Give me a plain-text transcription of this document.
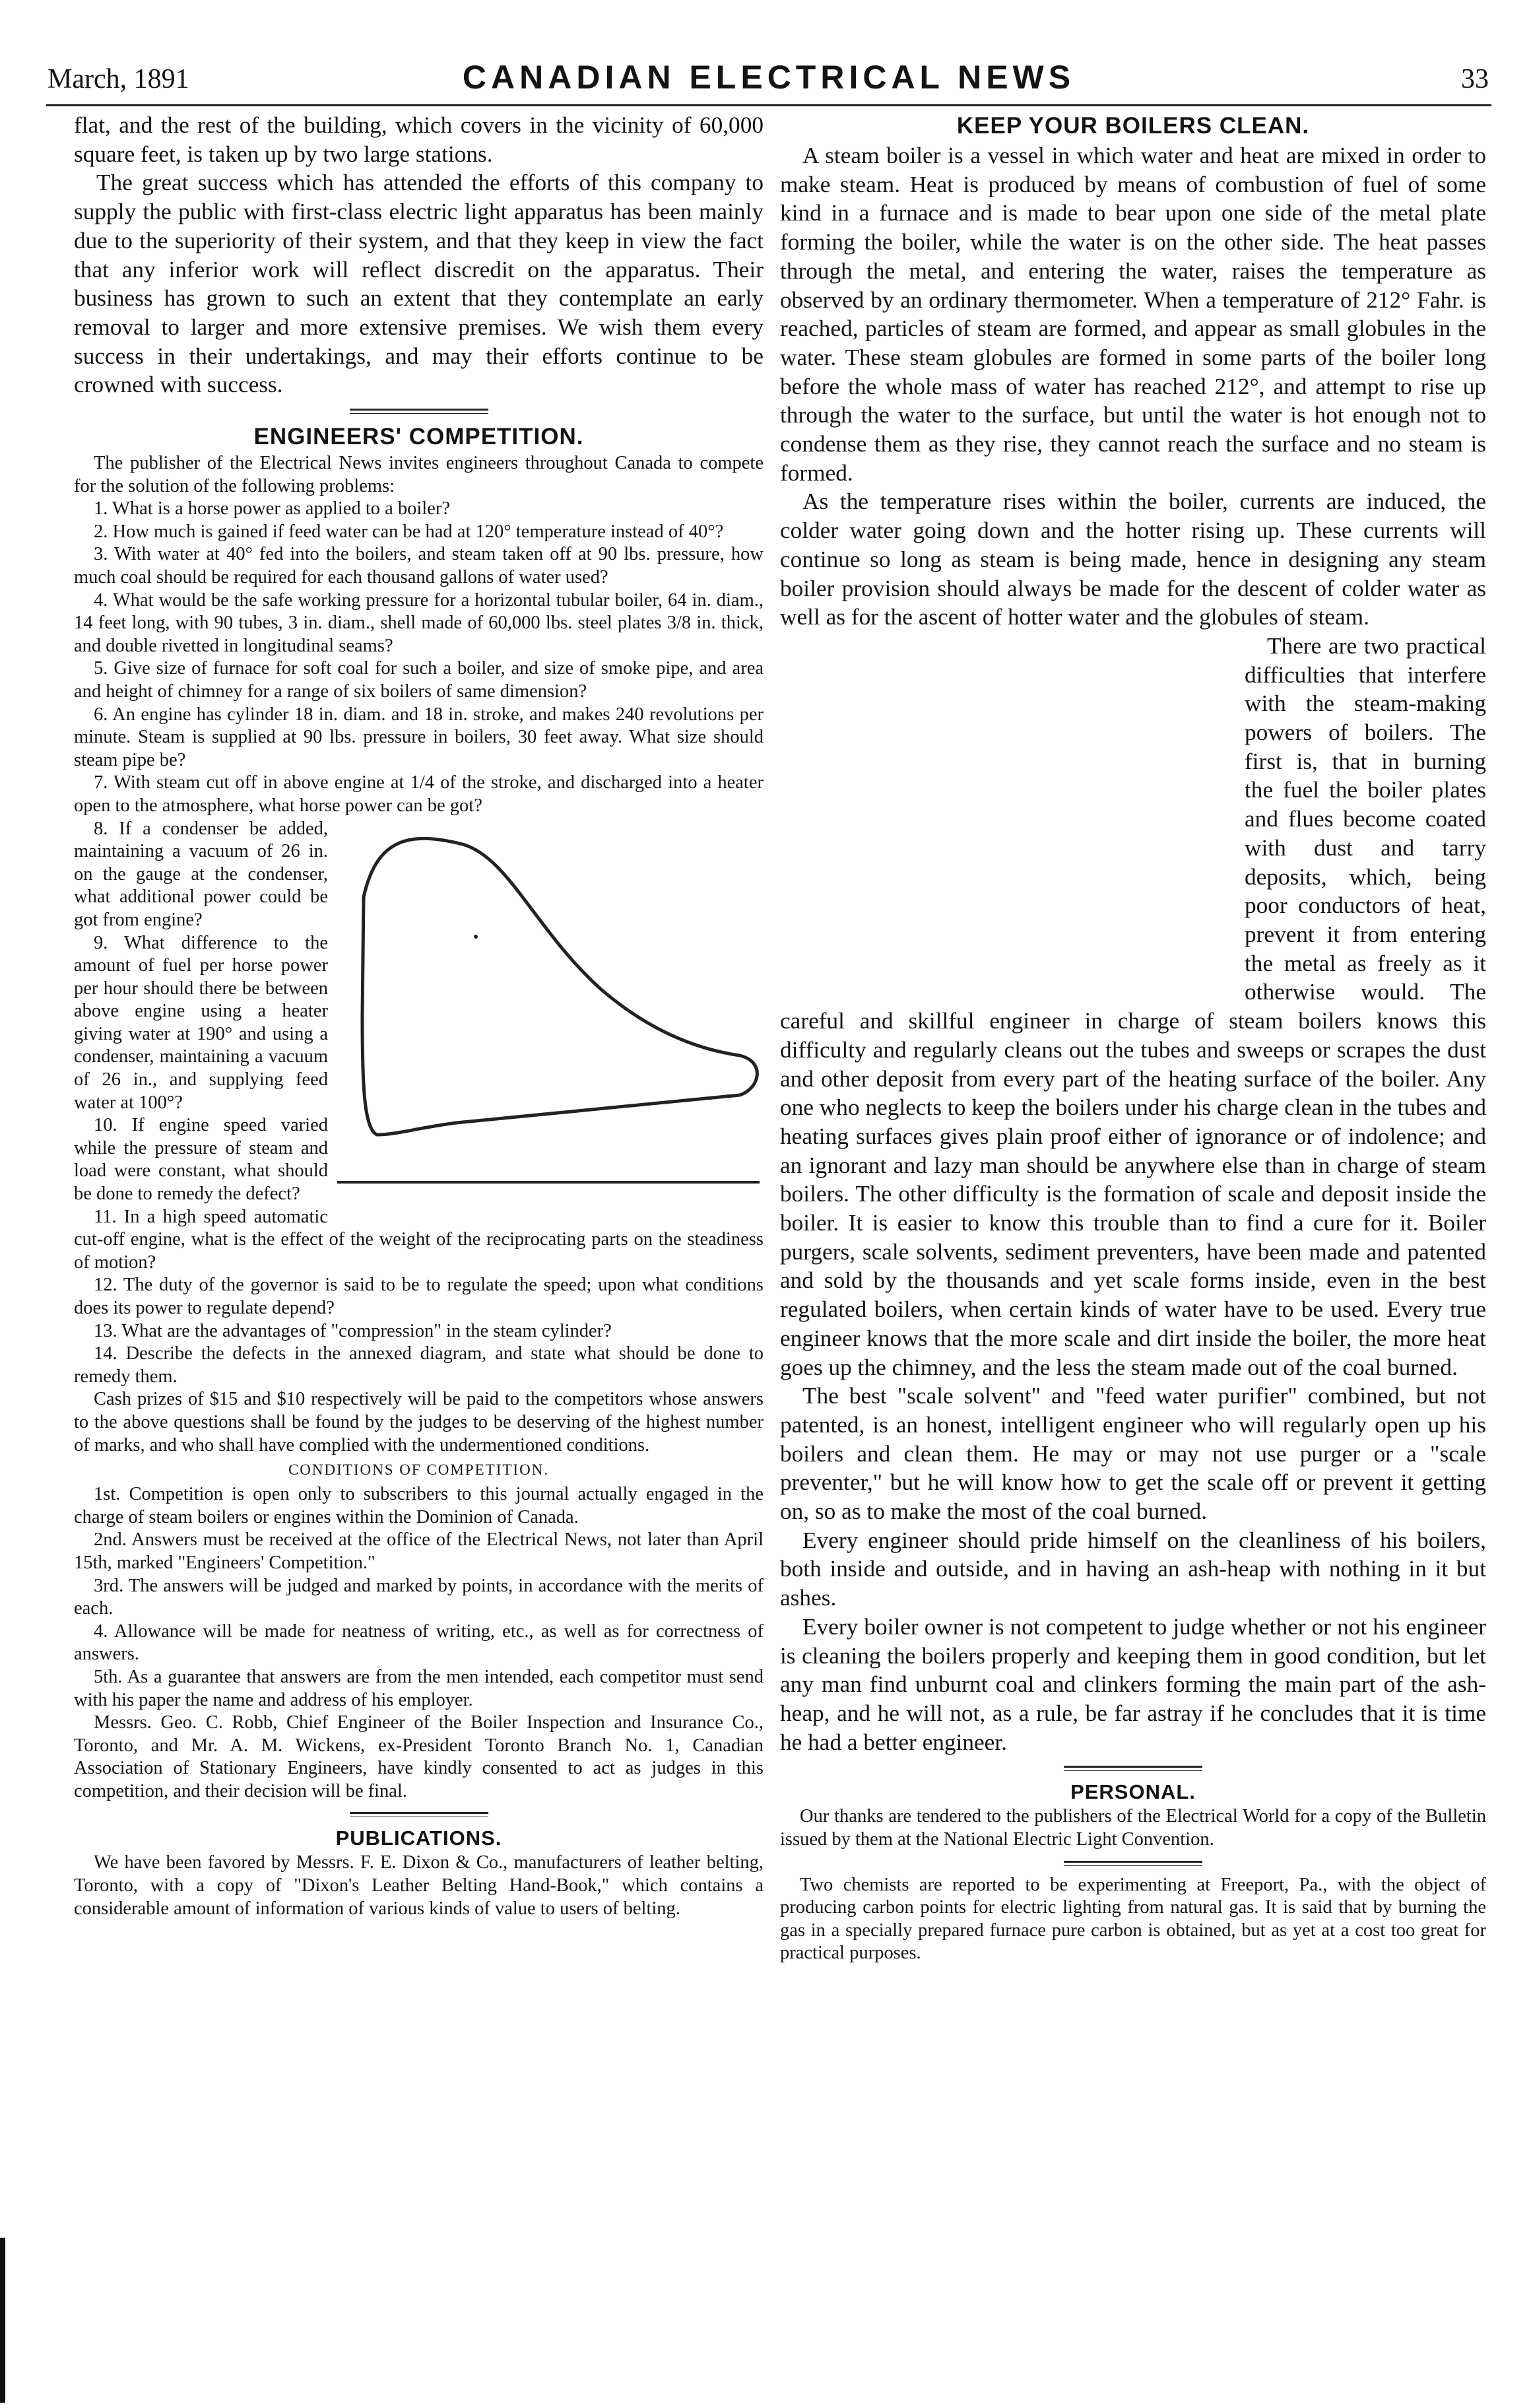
March, 1891	CANADIAN ELECTRICAL NEWS	33

flat, and the rest of the building, which covers in the vicinity of 60,000 square feet, is taken up by two large stations.

The great success which has attended the efforts of this company to supply the public with first-class electric light apparatus has been mainly due to the superiority of their system, and that they keep in view the fact that any inferior work will reflect discredit on the apparatus. Their business has grown to such an extent that they contemplate an early removal to larger and more extensive premises. We wish them every success in their undertakings, and may their efforts continue to be crowned with success.

ENGINEERS' COMPETITION.

The publisher of the Electrical News invites engineers throughout Canada to compete for the solution of the following problems:

1. What is a horse power as applied to a boiler?

2. How much is gained if feed water can be had at 120° temperature instead of 40°?

3. With water at 40° fed into the boilers, and steam taken off at 90 lbs. pressure, how much coal should be required for each thousand gallons of water used?

4. What would be the safe working pressure for a horizontal tubular boiler, 64 in. diam., 14 feet long, with 90 tubes, 3 in. diam., shell made of 60,000 lbs. steel plates 3/8 in. thick, and double rivetted in longitudinal seams?

5. Give size of furnace for soft coal for such a boiler, and size of smoke pipe, and area and height of chimney for a range of six boilers of same dimension?

6. An engine has cylinder 18 in. diam. and 18 in. stroke, and makes 240 revolutions per minute. Steam is supplied at 90 lbs. pressure in boilers, 30 feet away. What size should steam pipe be?

7. With steam cut off in above engine at 1/4 of the stroke, and discharged into a heater open to the atmosphere, what horse power can be got?

8. If a condenser be added, maintaining a vacuum of 26 in. on the gauge at the condenser, what additional power could be got from engine?

9. What difference to the amount of fuel per horse power per hour should there be between above engine using a heater giving water at 190° and using a condenser, maintaining a vacuum of 26 in., and supplying feed water at 100°?

10. If engine speed varied while the pressure of steam and load were constant, what should be done to remedy the defect?

11. In a high speed automatic cut-off engine, what is the effect of the weight of the reciprocating parts on the steadiness of motion?

12. The duty of the governor is said to be to regulate the speed; upon what conditions does its power to regulate depend?

13. What are the advantages of "compression" in the steam cylinder?

14. Describe the defects in the annexed diagram, and state what should be done to remedy them.

Cash prizes of $15 and $10 respectively will be paid to the competitors whose answers to the above questions shall be found by the judges to be deserving of the highest number of marks, and who shall have complied with the undermentioned conditions.

CONDITIONS OF COMPETITION.

1st. Competition is open only to subscribers to this journal actually engaged in the charge of steam boilers or engines within the Dominion of Canada.

2nd. Answers must be received at the office of the Electrical News, not later than April 15th, marked "Engineers' Competition."

3rd. The answers will be judged and marked by points, in accordance with the merits of each.

4. Allowance will be made for neatness of writing, etc., as well as for correctness of answers.

5th. As a guarantee that answers are from the men intended, each competitor must send with his paper the name and address of his employer.

Messrs. Geo. C. Robb, Chief Engineer of the Boiler Inspection and Insurance Co., Toronto, and Mr. A. M. Wickens, ex-President Toronto Branch No. 1, Canadian Association of Stationary Engineers, have kindly consented to act as judges in this competition, and their decision will be final.

PUBLICATIONS.

We have been favored by Messrs. F. E. Dixon & Co., manufacturers of leather belting, Toronto, with a copy of "Dixon's Leather Belting Hand-Book," which contains a considerable amount of information of various kinds of value to users of belting.

KEEP YOUR BOILERS CLEAN.

A steam boiler is a vessel in which water and heat are mixed in order to make steam. Heat is produced by means of combustion of fuel of some kind in a furnace and is made to bear upon one side of the metal plate forming the boiler, while the water is on the other side. The heat passes through the metal, and entering the water, raises the temperature as observed by an ordinary thermometer. When a temperature of 212° Fahr. is reached, particles of steam are formed, and appear as small globules in the water. These steam globules are formed in some parts of the boiler long before the whole mass of water has reached 212°, and attempt to rise up through the water to the surface, but until the water is hot enough not to condense them as they rise, they cannot reach the surface and no steam is formed.

As the temperature rises within the boiler, currents are induced, the colder water going down and the hotter rising up. These currents will continue so long as steam is being made, hence in designing any steam boiler provision should always be made for the descent of colder water as well as for the ascent of hotter water and the globules of steam.

There are two practical difficulties that interfere with the steam-making powers of boilers. The first is, that in burning the fuel the boiler plates and flues become coated with dust and tarry deposits, which, being poor conductors of heat, prevent it from entering the metal as freely as it otherwise would. The careful and skillful engineer in charge of steam boilers knows this difficulty and regularly cleans out the tubes and sweeps or scrapes the dust and other deposit from every part of the heating surface of the boiler. Any one who neglects to keep the boilers under his charge clean in the tubes and heating surfaces gives plain proof either of ignorance or of indolence; and an ignorant and lazy man should be anywhere else than in charge of steam boilers. The other difficulty is the formation of scale and deposit inside the boiler. It is easier to know this trouble than to find a cure for it. Boiler purgers, scale solvents, sediment preventers, have been made and patented and sold by the thousands and yet scale forms inside, even in the best regulated boilers, when certain kinds of water have to be used. Every true engineer knows that the more scale and dirt inside the boiler, the more heat goes up the chimney, and the less the steam made out of the coal burned.

The best "scale solvent" and "feed water purifier" combined, but not patented, is an honest, intelligent engineer who will regularly open up his boilers and clean them. He may or may not use purger or a "scale preventer," but he will know how to get the scale off or prevent it getting on, so as to make the most of the coal burned.

Every engineer should pride himself on the cleanliness of his boilers, both inside and outside, and in having an ash-heap with nothing in it but ashes.

Every boiler owner is not competent to judge whether or not his engineer is cleaning the boilers properly and keeping them in good condition, but let any man find unburnt coal and clinkers forming the main part of the ash-heap, and he will not, as a rule, be far astray if he concludes that it is time he had a better engineer.

PERSONAL.

Our thanks are tendered to the publishers of the Electrical World for a copy of the Bulletin issued by them at the National Electric Light Convention.

Two chemists are reported to be experimenting at Freeport, Pa., with the object of producing carbon points for electric lighting from natural gas. It is said that by burning the gas in a specially prepared furnace pure carbon is obtained, but as yet at a cost too great for practical purposes.
